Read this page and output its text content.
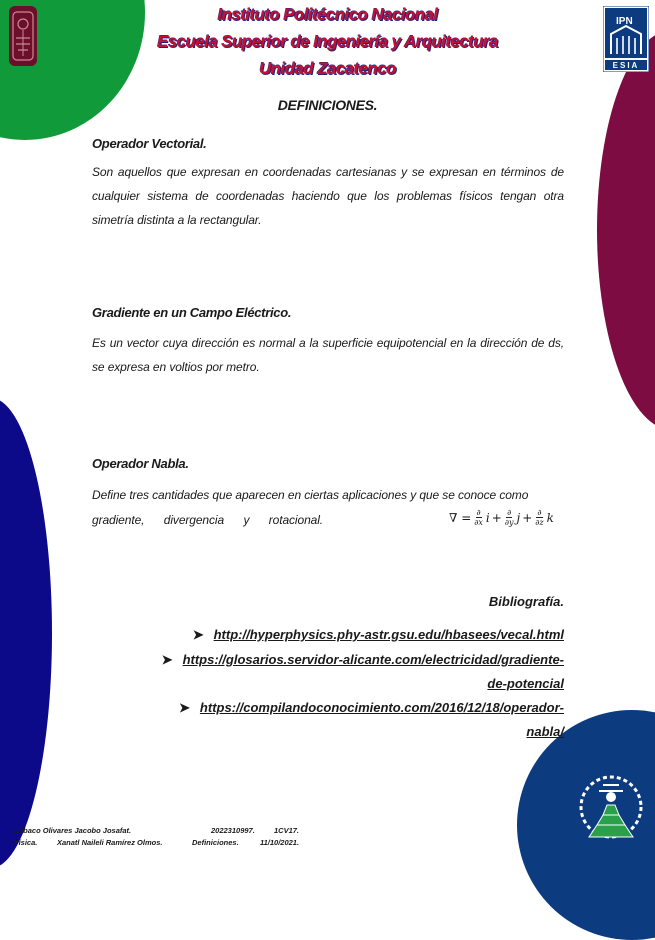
IPN
ESIA
Instituto Politécnico Nacional
Escuela Superior de Ingeniería y Arquitectura
Unidad Zacatenco
DEFINICIONES.
Operador Vectorial.
Son aquellos que expresan en coordenadas cartesianas y se expresan en términos de cualquier sistema de coordenadas haciendo que los problemas físicos tengan otra simetría distinta a la rectangular.
Gradiente en un Campo Eléctrico.
Es un vector cuya dirección es normal a la superficie equipotencial en la dirección de ds, se expresa en voltios por metro.
Operador Nabla.
Define tres cantidades que aparecen en ciertas aplicaciones y que se conoce como
gradiente,      divergencia      y      rotacional.	∇ = $\frac{\partial}{\partial x}$ $i + \frac{\partial}{\partial y}$ $j + \frac{\partial}{\partial z}$ k
Bibliografía.
➤ http://hyperphysics.phy-astr.gsu.edu/hbasees/vecal.html
➤ https://glosarios.servidor-alicante.com/electricidad/gradiente-
de-potencial
➤ https://compilandoconocimiento.com/2016/12/18/operador-
nabla/
Lobaco Olivares Jacobo Josafat.	2022310997.	1CV17.
Física.	Xanatl Naileli Ramírez Olmos.	Definiciones.	11/10/2021.
